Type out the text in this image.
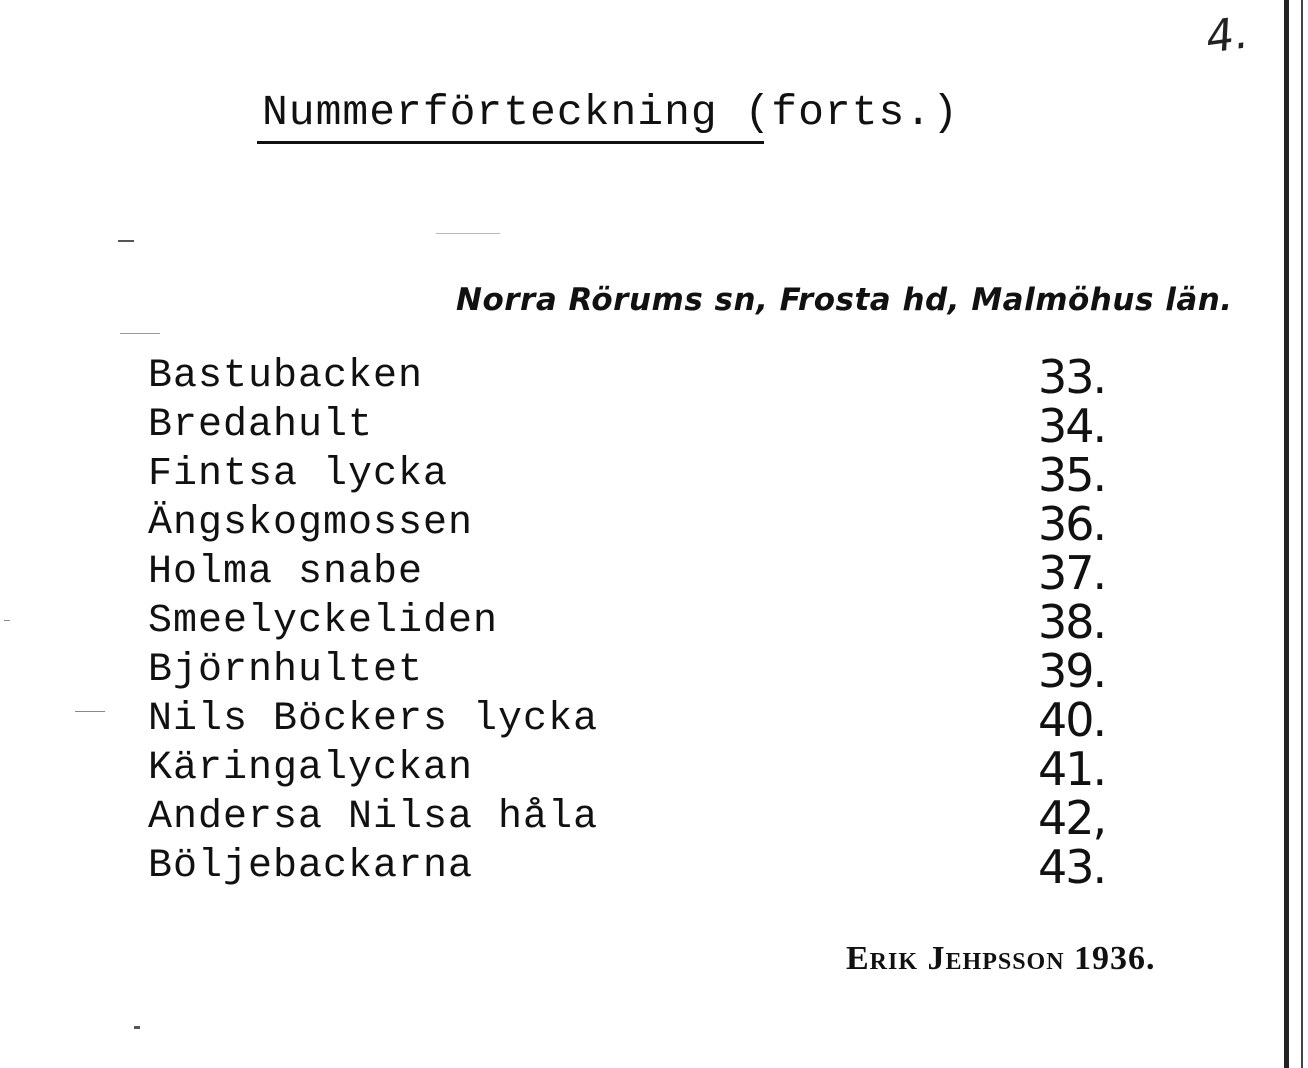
4.
Nummerförteckning (forts.)
Norra Rörums sn, Frosta hd, Malmöhus län.
Bastubacken	33.
Bredahult	34.
Fintsa lycka	35.
Ängskogmossen	36.
Holma snabe	37.
Smeelyckeliden	38.
Björnhultet	39.
Nils Böckers lycka	40.
Käringalyckan	41.
Andersa Nilsa håla	42,
Böljebackarna	43.
Erik Jehpsson 1936.
